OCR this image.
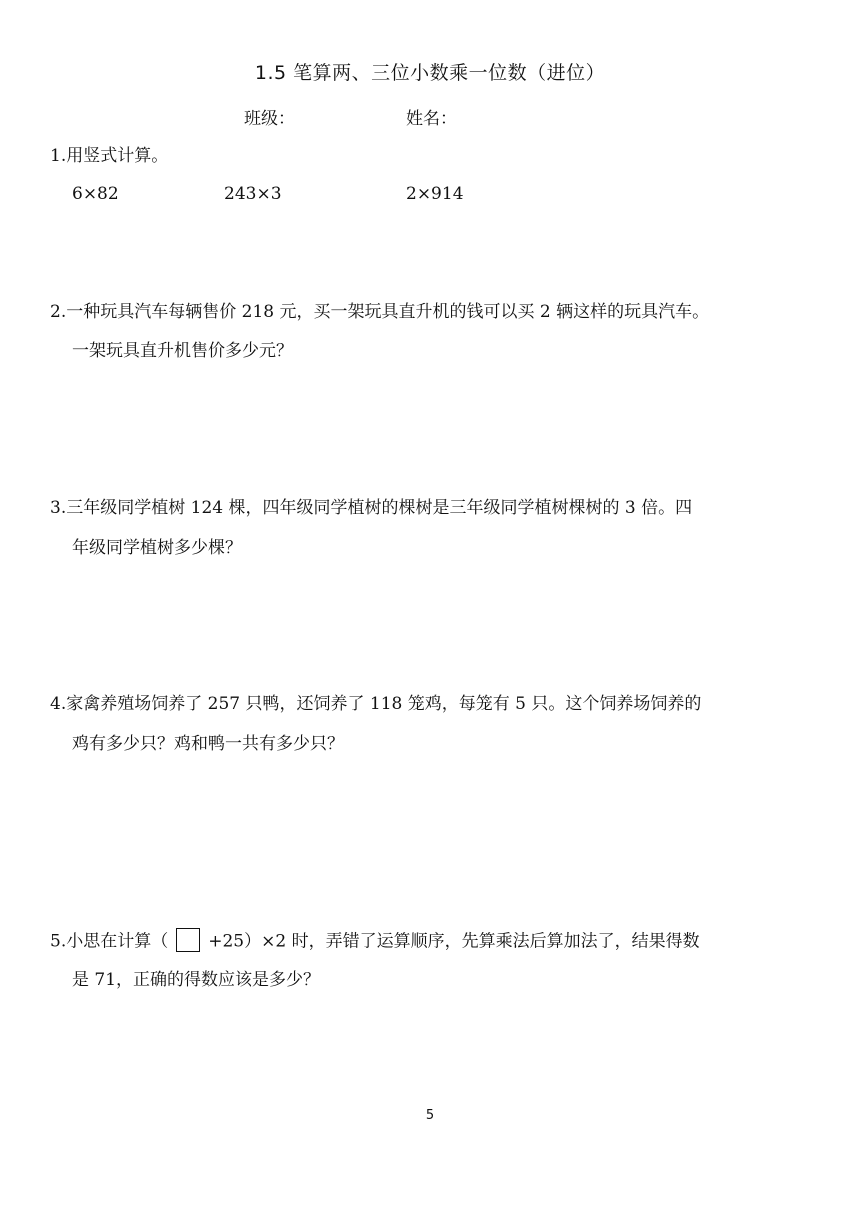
1.5 笔算两、三位小数乘一位数（进位）
班级：	姓名：
1.用竖式计算。
6×82	243×3	2×914
2.一种玩具汽车每辆售价 218 元，买一架玩具直升机的钱可以买 2 辆这样的玩具汽车。
一架玩具直升机售价多少元？
3.三年级同学植树 124 棵，四年级同学植树的棵树是三年级同学植树棵树的 3 倍。四
年级同学植树多少棵？
4.家禽养殖场饲养了 257 只鸭，还饲养了 118 笼鸡，每笼有 5 只。这个饲养场饲养的
鸡有多少只？鸡和鸭一共有多少只？
5.小思在计算（ +25）×2 时，弄错了运算顺序，先算乘法后算加法了，结果得数
是 71，正确的得数应该是多少？
5
